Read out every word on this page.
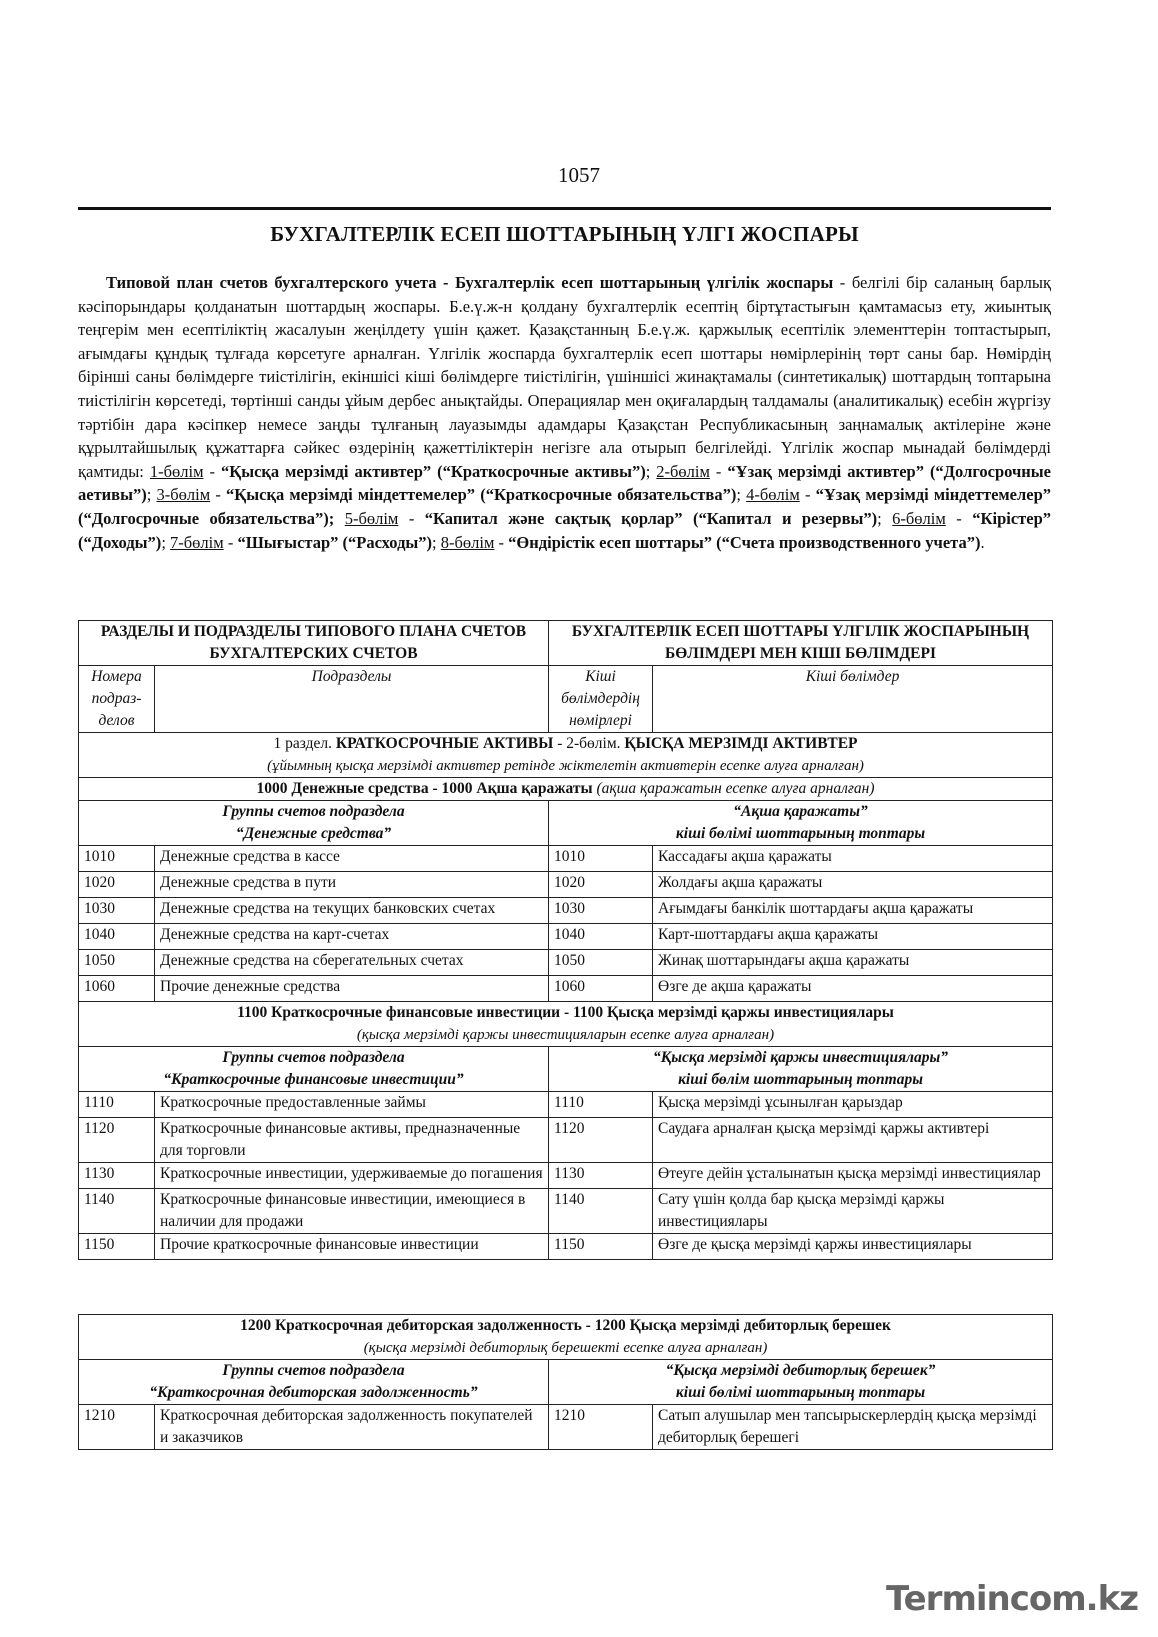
1057
БУХГАЛТЕРЛІК ЕСЕП ШОТТАРЫНЫҢ ҮЛГІ ЖОСПАРЫ

Типовой план счетов бухгалтерского учета - Бухгалтерлік есеп шоттарының үлгілік жоспары - белгілі бір саланың барлық кәсіпорындары қолданатын шоттардың жоспары. Б.е.ү.ж-н қолдану бухгалтерлік есептің біртұтастығын қамтамасыз ету, жиынтық теңгерім мен есептіліктің жасалуын жеңілдету үшін қажет. Қазақстанның Б.е.ү.ж. қаржылық есептілік элементтерін топтастырып, ағымдағы құндық тұлғада көрсетуге арналған. Үлгілік жоспарда бухгалтерлік есеп шоттары нөмірлерінің төрт саны бар. Нөмірдің бірінші саны бөлімдерге тиістілігін, екіншісі кіші бөлімдерге тиістілігін, үшіншісі жинақтамалы (синтетикалық) шоттардың топтарына тиістілігін көрсетеді, төртінші санды ұйым дербес анықтайды. Операциялар мен оқиғалардың талдамалы (аналитикалық) есебін жүргізу тәртібін дара кәсіпкер немесе заңды тұлғаның лауазымды адамдары Қазақстан Республикасының заңнамалық актілеріне және құрылтайшылық құжаттарға сәйкес өздерінің қажеттіліктерін негізге ала отырып белгілейді. Үлгілік жоспар мынадай бөлімдерді қамтиды: 1-бөлім - “Қысқа мерзімді активтер” (“Краткосрочные активы”); 2-бөлім - “Ұзақ мерзімді активтер” (“Долгосрочные аетивы”); 3-бөлім - “Қысқа мерзімді міндеттемелер” (“Краткосрочные обязательства”); 4-бөлім - “Ұзақ мерзімді міндеттемелер” (“Долгосрочные обязательства”); 5-бөлім - “Капитал және сақтық қорлар” (“Капитал и резервы”); 6-бөлім - “Кірістер” (“Доходы”); 7-бөлім - “Шығыстар” (“Расходы”); 8-бөлім - “Өндірістік есеп шоттары” (“Счета производственного учета”).

РАЗДЕЛЫ И ПОДРАЗДЕЛЫ ТИПОВОГО ПЛАНА СЧЕТОВ БУХГАЛТЕРСКИХ СЧЕТОВ		БУХГАЛТЕРЛІК ЕСЕП ШОТТАРЫ ҮЛГІЛІК ЖОСПАРЫНЫҢ БӨЛІМДЕРІ МЕН КІШІ БӨЛІМДЕРІ	
Номера подраз-делов	Подразделы	Кіші бөлімдердің нөмірлері	Кіші бөлімдер
1 раздел. КРАТКОСРОЧНЫЕ АКТИВЫ - 2-бөлім. ҚЫСҚА МЕРЗІМДІ АКТИВТЕР
(ұйымның қысқа мерзімді активтер ретінде жіктелетін активтерін есепке алуға арналған)			

1000 Денежные средства - 1000 Ақша қаражаты (ақша қаражатын есепке алуға арналған)			
Группы счетов подраздела
“Денежные средства”		“Ақша қаражаты”
кіші бөлімі шоттарының топтары	
1010	Денежные средства в кассе	1010	Кассадағы ақша қаражаты
1020	Денежные средства в пути	1020	Жолдағы ақша қаражаты
1030	Денежные средства на текущих банковских счетах	1030	Ағымдағы банкілік шоттардағы ақша қаражаты
1040	Денежные средства на карт-счетах	1040	Карт-шоттардағы ақша қаражаты
1050	Денежные средства на сберегательных счетах	1050	Жинақ шоттарындағы ақша қаражаты
1060	Прочие денежные средства	1060	Өзге де ақша қаражаты
1100 Краткосрочные финансовые инвестиции - 1100 Қысқа мерзімді қаржы инвестициялары
(қысқа мерзімді қаржы инвестицияларын есепке алуға арналған)			

Группы счетов подраздела
“Краткосрочные финансовые инвестиции”		“Қысқа мерзімді қаржы инвестициялары”
кіші бөлім шоттарының топтары	
1110	Краткосрочные предоставленные займы	1110	Қысқа мерзімді ұсынылған қарыздар
1120	Краткосрочные финансовые активы, предназначенные для торговли	1120	Саудаға арналған қысқа мерзімді қаржы активтері
1130	Краткосрочные инвестиции, удерживаемые до погашения	1130	Өтеуге дейін ұсталынатын қысқа мерзімді инвестициялар
1140	Краткосрочные финансовые инвестиции, имеющиеся в наличии для продажи	1140	Сату үшін қолда бар қысқа мерзімді қаржы инвестициялары
1150	Прочие краткосрочные финансовые инвестиции	1150	Өзге де қысқа мерзімді қаржы инвестициялары
1200 Краткосрочная дебиторская задолженность - 1200 Қысқа мерзімді дебиторлық берешек
(қысқа мерзімді дебиторлық берешекті есепке алуға арналған)			

Группы счетов подраздела
“Краткосрочная дебиторская задолженность”		“Қысқа мерзімді дебиторлық берешек”
кіші бөлімі шоттарының топтары	
1210	Краткосрочная дебиторская задолженность покупателей и заказчиков	1210	Сатып алушылар мен тапсырыскерлердің қысқа мерзімді дебиторлық берешегі
Termincom.kz
